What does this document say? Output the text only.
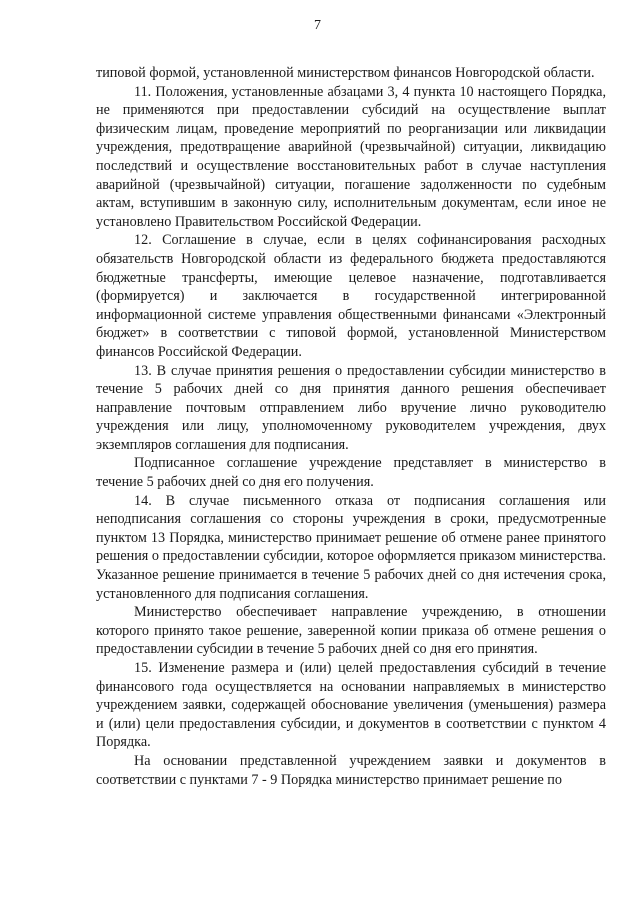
7

типовой формой, установленной министерством финансов Новгородской области.

11. Положения, установленные абзацами 3, 4 пункта 10 настоящего Порядка, не применяются при предоставлении субсидий на осуществление выплат физическим лицам, проведение мероприятий по реорганизации или ликвидации учреждения, предотвращение аварийной (чрезвычайной) ситуации, ликвидацию последствий и осуществление восстановительных работ в случае наступления аварийной (чрезвычайной) ситуации, погашение задолженности по судебным актам, вступившим в законную силу, исполнительным документам, если иное не установлено Правительством Российской Федерации.

12. Соглашение в случае, если в целях софинансирования расходных обязательств Новгородской области из федерального бюджета предоставляются бюджетные трансферты, имеющие целевое назначение, подготавливается (формируется) и заключается в государственной интегрированной информационной системе управления общественными финансами «Электронный бюджет» в соответствии с типовой формой, установленной Министерством финансов Российской Федерации.

13. В случае принятия решения о предоставлении субсидии министерство в течение 5 рабочих дней со дня принятия данного решения обеспечивает направление почтовым отправлением либо вручение лично руководителю учреждения или лицу, уполномоченному руководителем учреждения, двух экземпляров соглашения для подписания.

Подписанное соглашение учреждение представляет в министерство в течение 5 рабочих дней со дня его получения.

14. В случае письменного отказа от подписания соглашения или неподписания соглашения со стороны учреждения в сроки, предусмотренные пунктом 13 Порядка, министерство принимает решение об отмене ранее принятого решения о предоставлении субсидии, которое оформляется приказом министерства. Указанное решение принимается в течение 5 рабочих дней со дня истечения срока, установленного для подписания соглашения.

Министерство обеспечивает направление учреждению, в отношении которого принято такое решение, заверенной копии приказа об отмене решения о предоставлении субсидии в течение 5 рабочих дней со дня его принятия.

15. Изменение размера и (или) целей предоставления субсидий в течение финансового года осуществляется на основании направляемых в министерство учреждением заявки, содержащей обоснование увеличения (уменьшения) размера и (или) цели предоставления субсидии, и документов в соответствии с пунктом 4 Порядка.

На основании представленной учреждением заявки и документов в соответствии с пунктами 7 - 9 Порядка министерство принимает решение по
